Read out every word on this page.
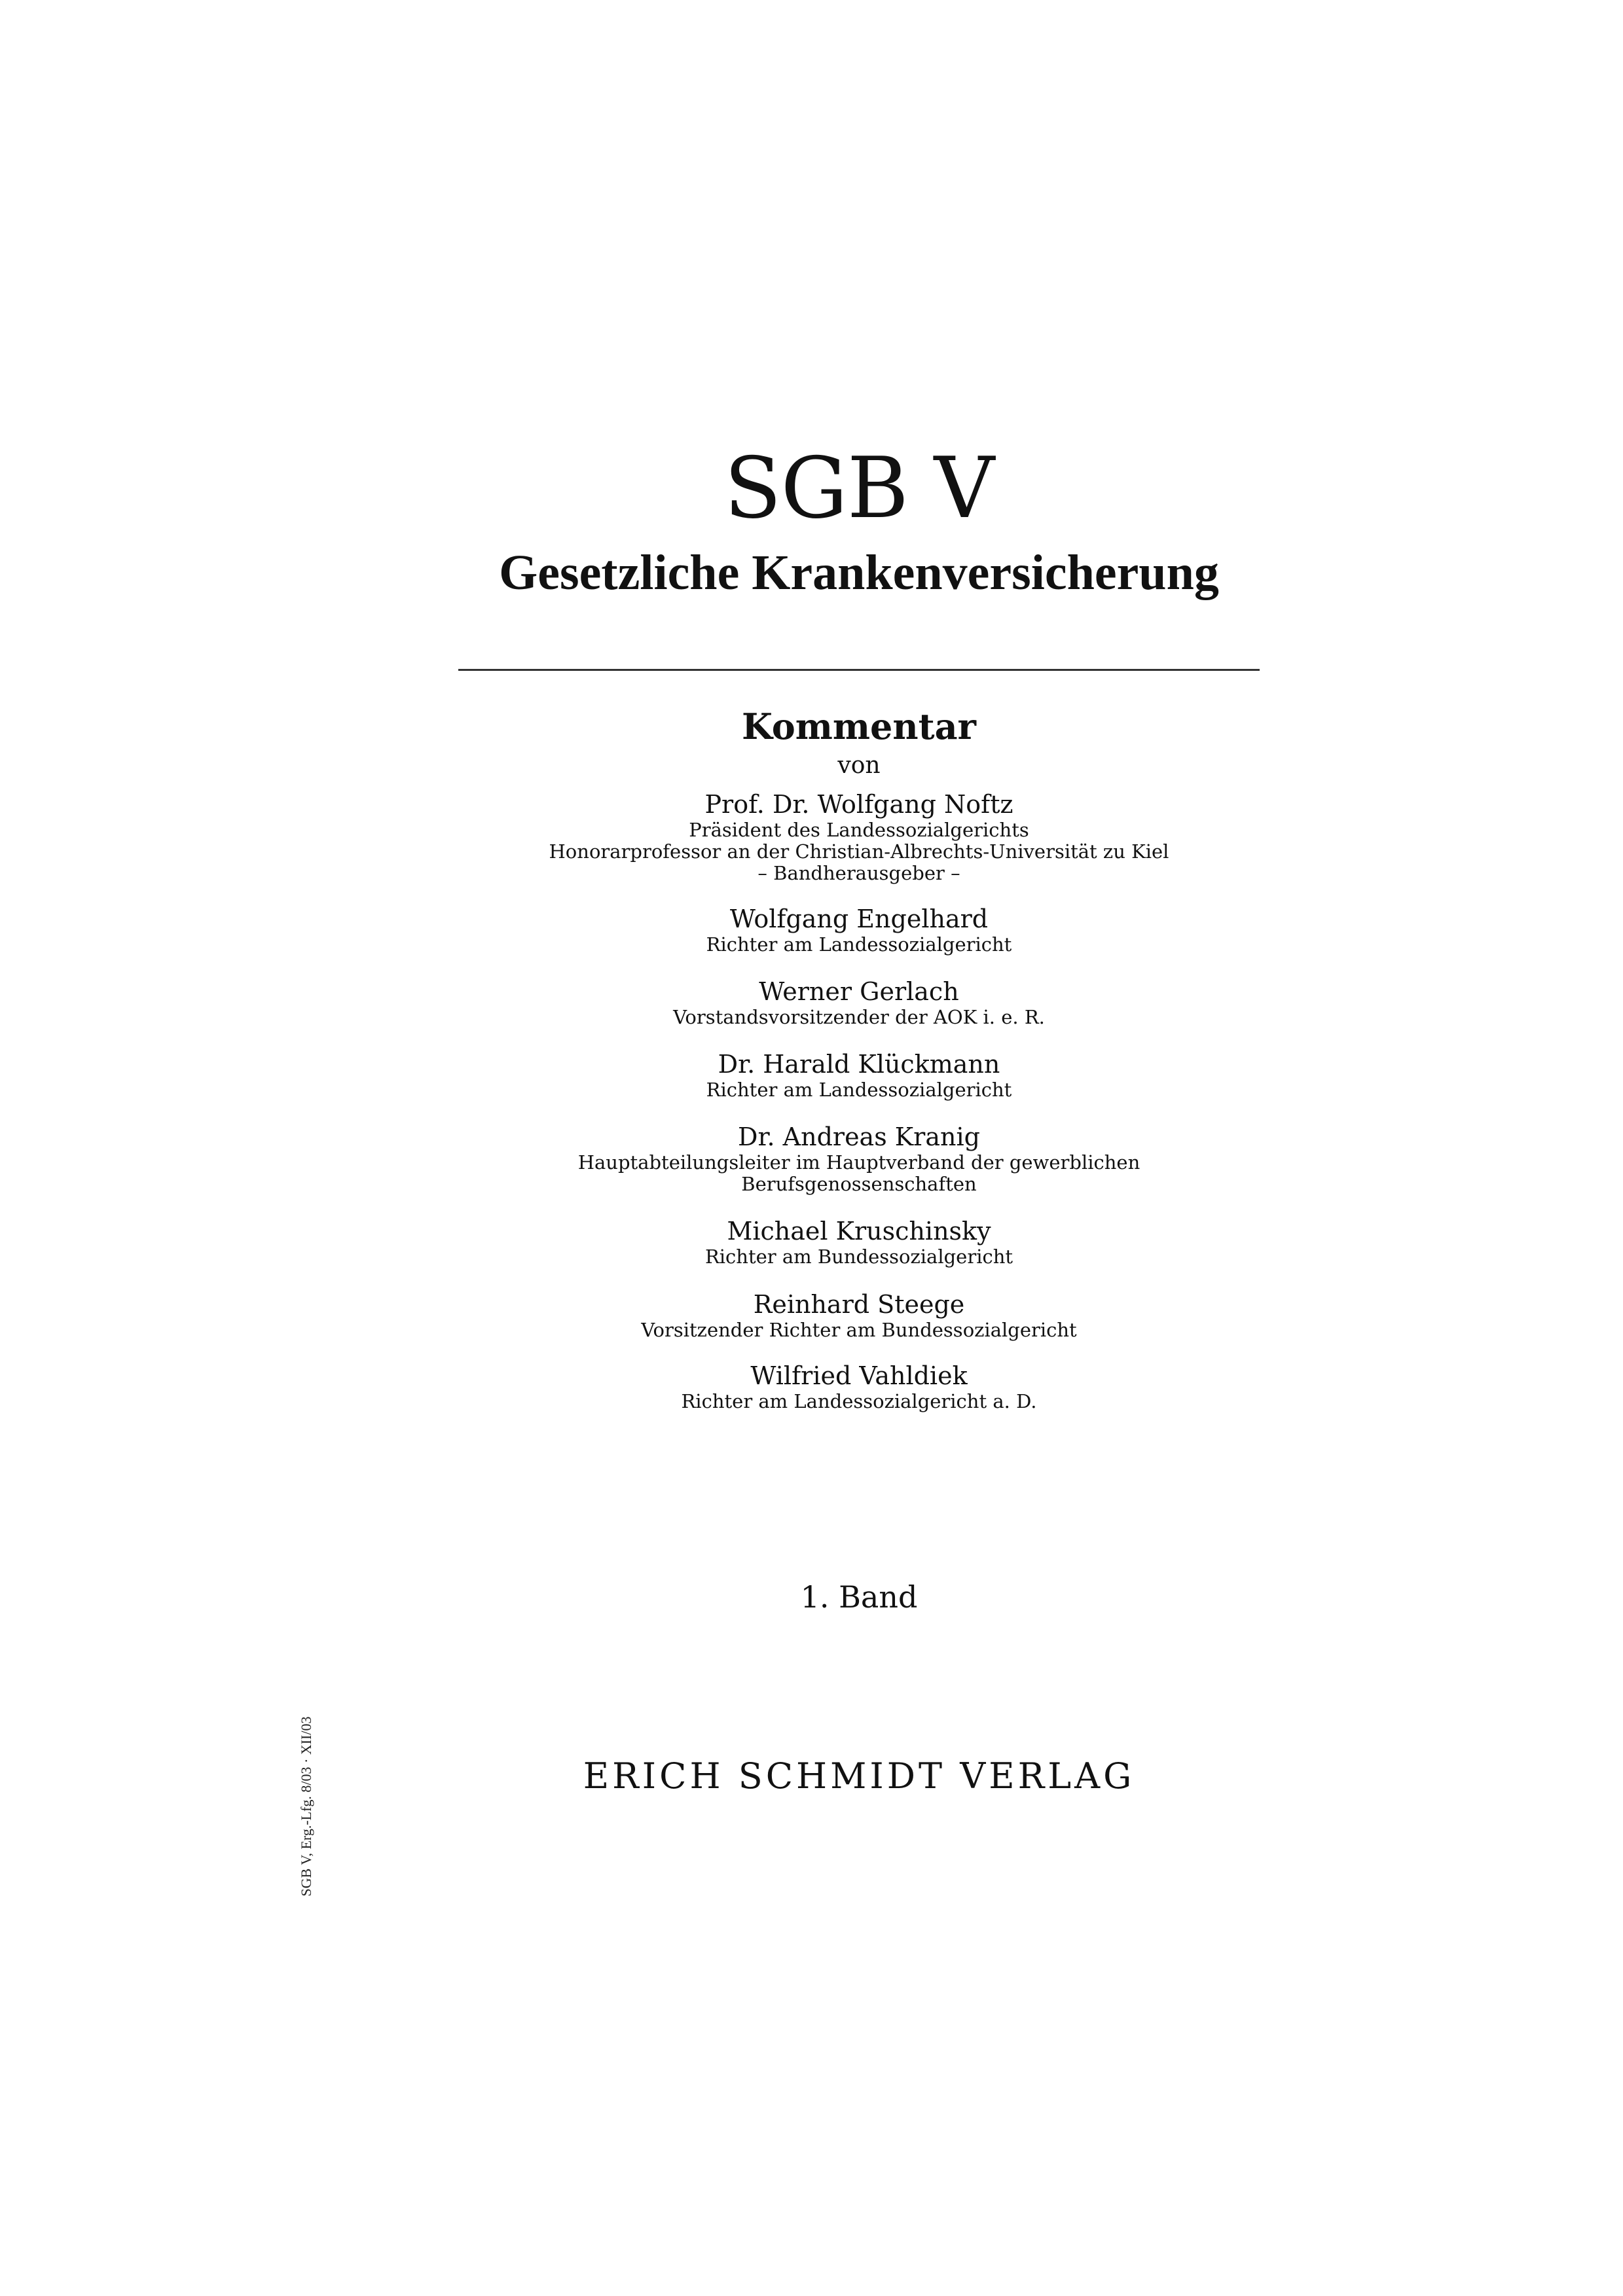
SGB V
Gesetzliche Krankenversicherung
Kommentar
von
Prof. Dr. Wolfgang Noftz
Präsident des Landessozialgerichts
Honorarprofessor an der Christian-Albrechts-Universität zu Kiel
– Bandherausgeber –
Wolfgang Engelhard
Richter am Landessozialgericht
Werner Gerlach
Vorstandsvorsitzender der AOK i. e. R.
Dr. Harald Klückmann
Richter am Landessozialgericht
Dr. Andreas Kranig
Hauptabteilungsleiter im Hauptverband der gewerblichen
Berufsgenossenschaften
Michael Kruschinsky
Richter am Bundessozialgericht
Reinhard Steege
Vorsitzender Richter am Bundessozialgericht
Wilfried Vahldiek
Richter am Landessozialgericht a. D.
1. Band
ERICH SCHMIDT VERLAG
SGB V, Erg.-Lfg. 8/03 · XII/03
